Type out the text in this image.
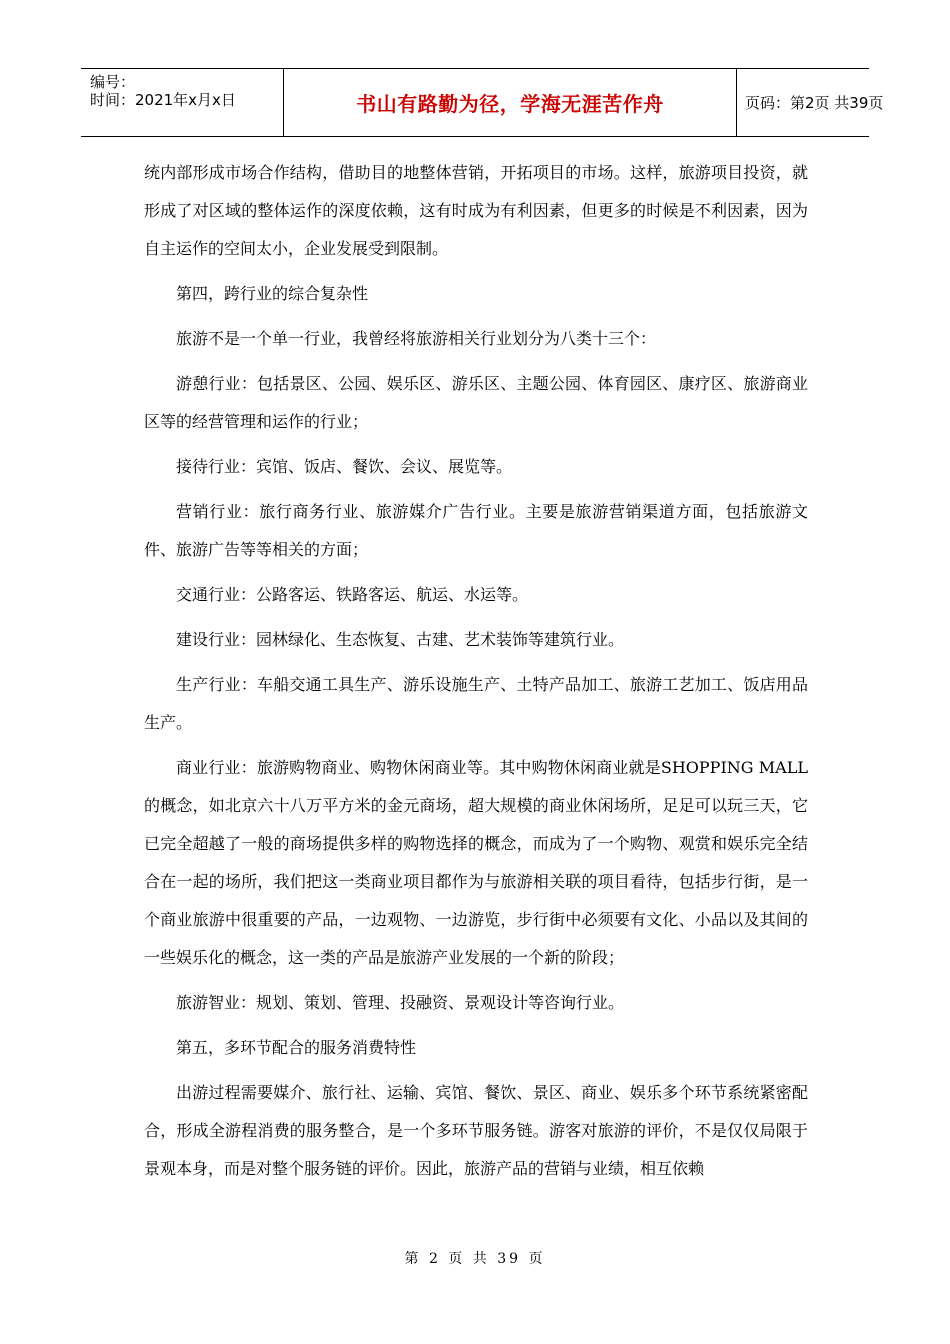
编号：
时间：2021年x月x日	书山有路勤为径，学海无涯苦作舟	页码：第2页 共39页

统内部形成市场合作结构，借助目的地整体营销，开拓项目的市场。这样，旅游项目投资，就形成了对区域的整体运作的深度依赖，这有时成为有利因素，但更多的时候是不利因素，因为自主运作的空间太小，企业发展受到限制。

第四，跨行业的综合复杂性

旅游不是一个单一行业，我曾经将旅游相关行业划分为八类十三个：

游憩行业：包括景区、公园、娱乐区、游乐区、主题公园、体育园区、康疗区、旅游商业区等的经营管理和运作的行业；

接待行业：宾馆、饭店、餐饮、会议、展览等。

营销行业：旅行商务行业、旅游媒介广告行业。主要是旅游营销渠道方面，包括旅游文件、旅游广告等等相关的方面；

交通行业：公路客运、铁路客运、航运、水运等。

建设行业：园林绿化、生态恢复、古建、艺术装饰等建筑行业。

生产行业：车船交通工具生产、游乐设施生产、土特产品加工、旅游工艺加工、饭店用品生产。

商业行业：旅游购物商业、购物休闲商业等。其中购物休闲商业就是SHOPPING MALL的概念，如北京六十八万平方米的金元商场，超大规模的商业休闲场所，足足可以玩三天，它已完全超越了一般的商场提供多样的购物选择的概念，而成为了一个购物、观赏和娱乐完全结合在一起的场所，我们把这一类商业项目都作为与旅游相关联的项目看待，包括步行街，是一个商业旅游中很重要的产品，一边观物、一边游览，步行街中必须要有文化、小品以及其间的一些娱乐化的概念，这一类的产品是旅游产业发展的一个新的阶段；

旅游智业：规划、策划、管理、投融资、景观设计等咨询行业。

第五，多环节配合的服务消费特性

出游过程需要媒介、旅行社、运输、宾馆、餐饮、景区、商业、娱乐多个环节系统紧密配合，形成全游程消费的服务整合，是一个多环节服务链。游客对旅游的评价，不是仅仅局限于景观本身，而是对整个服务链的评价。因此，旅游产品的营销与业绩，相互依赖

第 2 页 共 39 页
